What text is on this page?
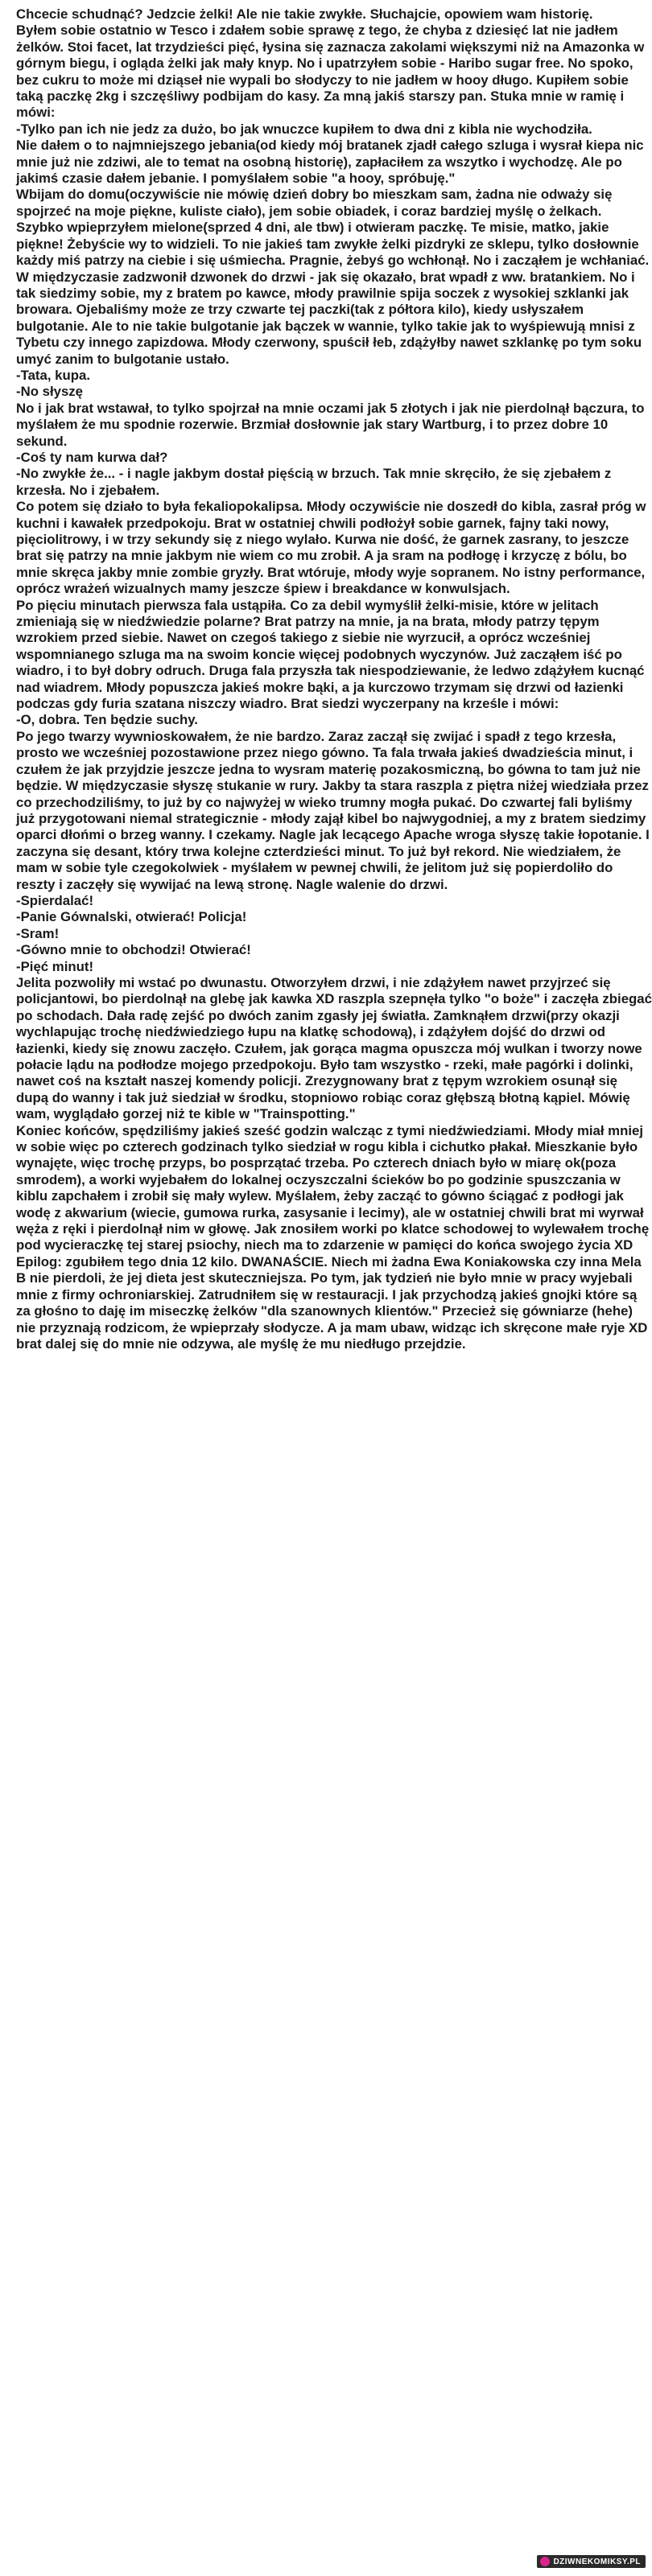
Chcecie schudnąć? Jedzcie żelki! Ale nie takie zwykłe. Słuchajcie, opowiem wam historię.

Byłem sobie ostatnio w Tesco i zdałem sobie sprawę z tego, że chyba z dziesięć lat nie jadłem żelków. Stoi facet, lat trzydzieści pięć, łysina się zaznacza zakolami większymi niż na Amazonka w górnym biegu, i ogląda żelki jak mały knyp. No i upatrzyłem sobie - Haribo sugar free. No spoko, bez cukru to może mi dziąseł nie wypali bo słodyczy to nie jadłem w hooy długo. Kupiłem sobie taką paczkę 2kg i szczęśliwy podbijam do kasy. Za mną jakiś starszy pan. Stuka mnie w ramię i mówi:

-Tylko pan ich nie jedz za dużo, bo jak wnuczce kupiłem to dwa dni z kibla nie wychodziła.

Nie dałem o to najmniejszego jebania(od kiedy mój bratanek zjadł całego szluga i wysrał kiepa nic mnie już nie zdziwi, ale to temat na osobną historię), zapłaciłem za wszytko i wychodzę. Ale po jakimś czasie dałem jebanie. I pomyślałem sobie "a hooy, spróbuję."

Wbijam do domu(oczywiście nie mówię dzień dobry bo mieszkam sam, żadna nie odważy się spojrzeć na moje piękne, kuliste ciało), jem sobie obiadek, i coraz bardziej myślę o żelkach. Szybko wpieprzyłem mielone(sprzed 4 dni, ale tbw) i otwieram paczkę. Te misie, matko, jakie piękne! Żebyście wy to widzieli. To nie jakieś tam zwykłe żelki pizdryki ze sklepu, tylko dosłownie każdy miś patrzy na ciebie i się uśmiecha. Pragnie, żebyś go wchłonął. No i zacząłem je wchłaniać. W międzyczasie zadzwonił dzwonek do drzwi - jak się okazało, brat wpadł z ww. bratankiem. No i tak siedzimy sobie, my z bratem po kawce, młody prawilnie spija soczek z wysokiej szklanki jak browara. Ojebaliśmy może ze trzy czwarte tej paczki(tak z półtora kilo), kiedy usłyszałem bulgotanie. Ale to nie takie bulgotanie jak bączek w wannie, tylko takie jak to wyśpiewują mnisi z Tybetu czy innego zapizdowa. Młody czerwony, spuścił łeb, zdążyłby nawet szklankę po tym soku umyć zanim to bulgotanie ustało.

-Tata, kupa.

-No słyszę

No i jak brat wstawał, to tylko spojrzał na mnie oczami jak 5 złotych i jak nie pierdolnął bączura, to myślałem że mu spodnie rozerwie. Brzmiał dosłownie jak stary Wartburg, i to przez dobre 10 sekund.

-Coś ty nam kurwa dał?

-No zwykłe że... - i nagle jakbym dostał pięścią w brzuch. Tak mnie skręciło, że się zjebałem z krzesła. No i zjebałem.

Co potem się działo to była fekaliopokalipsa. Młody oczywiście nie doszedł do kibla, zasrał próg w kuchni i kawałek przedpokoju. Brat w ostatniej chwili podłożył sobie garnek, fajny taki nowy, pięciolitrowy, i w trzy sekundy się z niego wylało. Kurwa nie dość, że garnek zasrany, to jeszcze brat się patrzy na mnie jakbym nie wiem co mu zrobił. A ja sram na podłogę i krzyczę z bólu, bo mnie skręca jakby mnie zombie gryzły. Brat wtóruje, młody wyje sopranem. No istny performance, oprócz wrażeń wizualnych mamy jeszcze śpiew i breakdance w konwulsjach.

Po pięciu minutach pierwsza fala ustąpiła. Co za debil wymyślił żelki-misie, które w jelitach zmieniają się w niedźwiedzie polarne? Brat patrzy na mnie, ja na brata, młody patrzy tępym wzrokiem przed siebie. Nawet on czegoś takiego z siebie nie wyrzucił, a oprócz wcześniej wspomnianego szluga ma na swoim koncie więcej podobnych wyczynów. Już zacząłem iść po wiadro, i to był dobry odruch. Druga fala przyszła tak niespodziewanie, że ledwo zdążyłem kucnąć nad wiadrem. Młody popuszcza jakieś mokre bąki, a ja kurczowo trzymam się drzwi od łazienki podczas gdy furia szatana niszczy wiadro. Brat siedzi wyczerpany na krześle i mówi:

-O, dobra. Ten będzie suchy.

Po jego twarzy wywnioskowałem, że nie bardzo. Zaraz zaczął się zwijać i spadł z tego krzesła, prosto we wcześniej pozostawione przez niego gówno. Ta fala trwała jakieś dwadzieścia minut, i czułem że jak przyjdzie jeszcze jedna to wysram materię pozakosmiczną, bo gówna to tam już nie będzie. W międzyczasie słyszę stukanie w rury. Jakby ta stara raszpla z piętra niżej wiedziała przez co przechodziliśmy, to już by co najwyżej w wieko trumny mogła pukać. Do czwartej fali byliśmy już przygotowani niemal strategicznie - młody zajął kibel bo najwygodniej, a my z bratem siedzimy oparci dłońmi o brzeg wanny. I czekamy. Nagle jak lecącego Apache wroga słyszę takie łopotanie. I zaczyna się desant, który trwa kolejne czterdzieści minut. To już był rekord. Nie wiedziałem, że mam w sobie tyle czegokolwiek - myślałem w pewnej chwili, że jelitom już się popierdoliło do reszty i zaczęły się wywijać na lewą stronę. Nagle walenie do drzwi.

-Spierdalać!

-Panie Gównalski, otwierać! Policja!

-Sram!

-Gówno mnie to obchodzi! Otwierać!

-Pięć minut!

Jelita pozwoliły mi wstać po dwunastu. Otworzyłem drzwi, i nie zdążyłem nawet przyjrzeć się policjantowi, bo pierdolnął na glebę jak kawka XD raszpla szepnęła tylko "o boże" i zaczęła zbiegać po schodach. Dała radę zejść po dwóch zanim zgasły jej światła. Zamknąłem drzwi(przy okazji wychlapując trochę niedźwiedziego łupu na klatkę schodową), i zdążyłem dojść do drzwi od łazienki, kiedy się znowu zaczęło. Czułem, jak gorąca magma opuszcza mój wulkan i tworzy nowe połacie lądu na podłodze mojego przedpokoju. Było tam wszystko - rzeki, małe pagórki i dolinki, nawet coś na kształt naszej komendy policji. Zrezygnowany brat z tępym wzrokiem osunął się dupą do wanny i tak już siedział w środku, stopniowo robiąc coraz głębszą błotną kąpiel. Mówię wam, wyglądało gorzej niż te kible w "Trainspotting."

Koniec końców, spędziliśmy jakieś sześć godzin walcząc z tymi niedźwiedziami. Młody miał mniej w sobie więc po czterech godzinach tylko siedział w rogu kibla i cichutko płakał. Mieszkanie było wynajęte, więc trochę przyps, bo posprzątać trzeba. Po czterech dniach było w miarę ok(poza smrodem), a worki wyjebałem do lokalnej oczyszczalni ścieków bo po godzinie spuszczania w kiblu zapchałem i zrobił się mały wylew. Myślałem, żeby zacząć to gówno ściągać z podłogi jak wodę z akwarium (wiecie, gumowa rurka, zasysanie i lecimy), ale w ostatniej chwili brat mi wyrwał węża z ręki i pierdolnął nim w głowę. Jak znosiłem worki po klatce schodowej to wylewałem trochę pod wycieraczkę tej starej psiochy, niech ma to zdarzenie w pamięci do końca swojego życia XD

Epilog: zgubiłem tego dnia 12 kilo. DWANAŚCIE. Niech mi żadna Ewa Koniakowska czy inna Mela B nie pierdoli, że jej dieta jest skuteczniejsza. Po tym, jak tydzień nie było mnie w pracy wyjebali mnie z firmy ochroniarskiej. Zatrudniłem się w restauracji. I jak przychodzą jakieś gnojki które są za głośno to daję im miseczkę żelków "dla szanownych klientów." Przecież się gówniarze (hehe) nie przyznają rodzicom, że wpieprzały słodycze. A ja mam ubaw, widząc ich skręcone małe ryje XD brat dalej się do mnie nie odzywa, ale myślę że mu niedługo przejdzie.

DZIWNEKOMIKSY.PL
